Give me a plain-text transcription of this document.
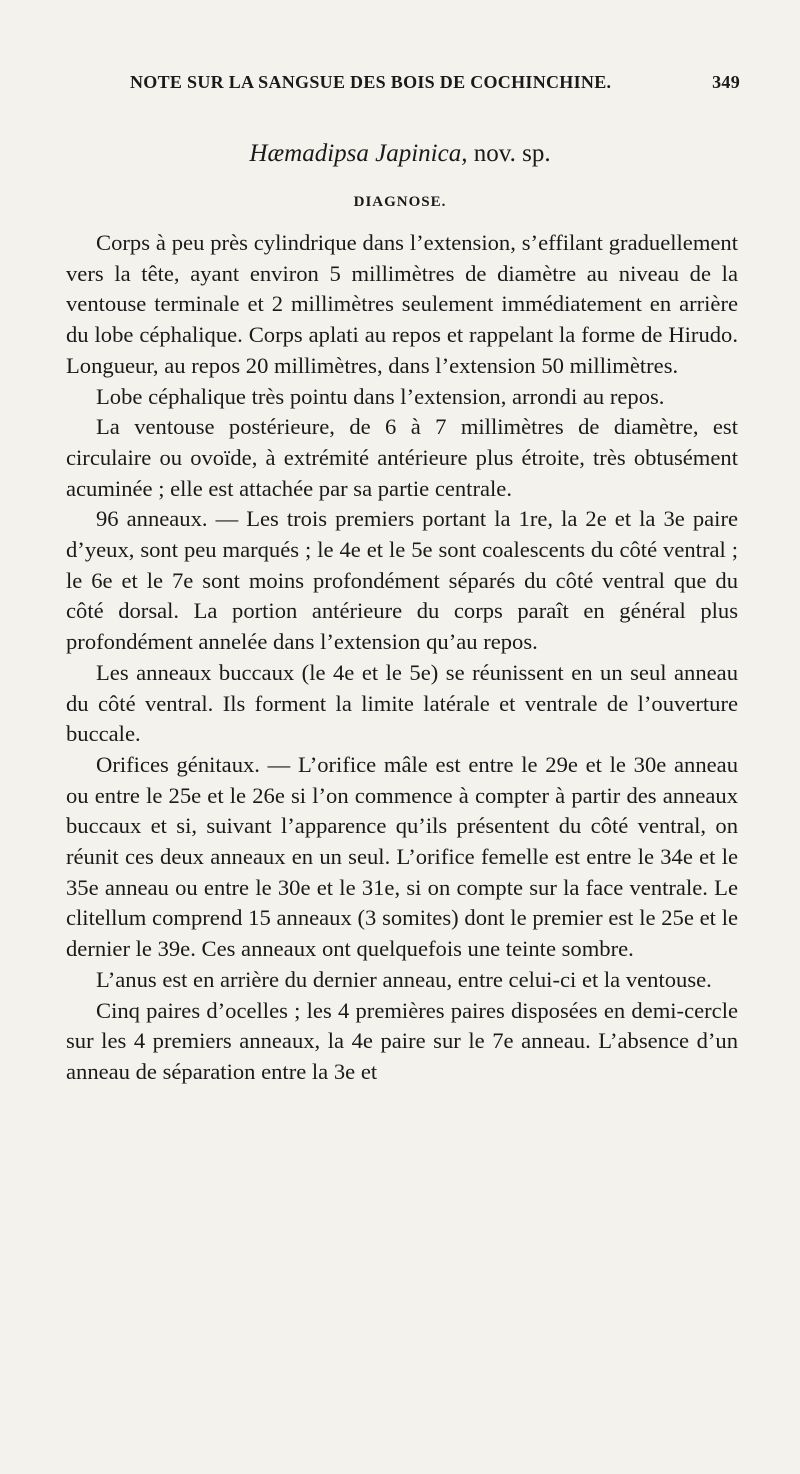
NOTE SUR LA SANGSUE DES BOIS DE COCHINCHINE.	349
Hæmadipsa Japinica, nov. sp.
DIAGNOSE.

Corps à peu près cylindrique dans l’extension, s’effilant graduellement vers la tête, ayant environ 5 millimètres de diamètre au niveau de la ventouse terminale et 2 millimètres seulement immédiatement en arrière du lobe céphalique. Corps aplati au repos et rappelant la forme de Hirudo. Longueur, au repos 20 millimètres, dans l’extension 50 millimètres.

Lobe céphalique très pointu dans l’extension, arrondi au repos.

La ventouse postérieure, de 6 à 7 millimètres de diamètre, est circulaire ou ovoïde, à extrémité antérieure plus étroite, très obtusément acuminée ; elle est attachée par sa partie centrale.

96 anneaux. — Les trois premiers portant la 1re, la 2e et la 3e paire d’yeux, sont peu marqués ; le 4e et le 5e sont coalescents du côté ventral ; le 6e et le 7e sont moins profondément séparés du côté ventral que du côté dorsal. La portion antérieure du corps paraît en général plus profondément annelée dans l’extension qu’au repos.

Les anneaux buccaux (le 4e et le 5e) se réunissent en un seul anneau du côté ventral. Ils forment la limite latérale et ventrale de l’ouverture buccale.

Orifices génitaux. — L’orifice mâle est entre le 29e et le 30e anneau ou entre le 25e et le 26e si l’on commence à compter à partir des anneaux buccaux et si, suivant l’apparence qu’ils présentent du côté ventral, on réunit ces deux anneaux en un seul. L’orifice femelle est entre le 34e et le 35e anneau ou entre le 30e et le 31e, si on compte sur la face ventrale. Le clitellum comprend 15 anneaux (3 somites) dont le premier est le 25e et le dernier le 39e. Ces anneaux ont quelquefois une teinte sombre.

L’anus est en arrière du dernier anneau, entre celui-ci et la ventouse.

Cinq paires d’ocelles ; les 4 premières paires disposées en demi-cercle sur les 4 premiers anneaux, la 4e paire sur le 7e anneau. L’absence d’un anneau de séparation entre la 3e et
